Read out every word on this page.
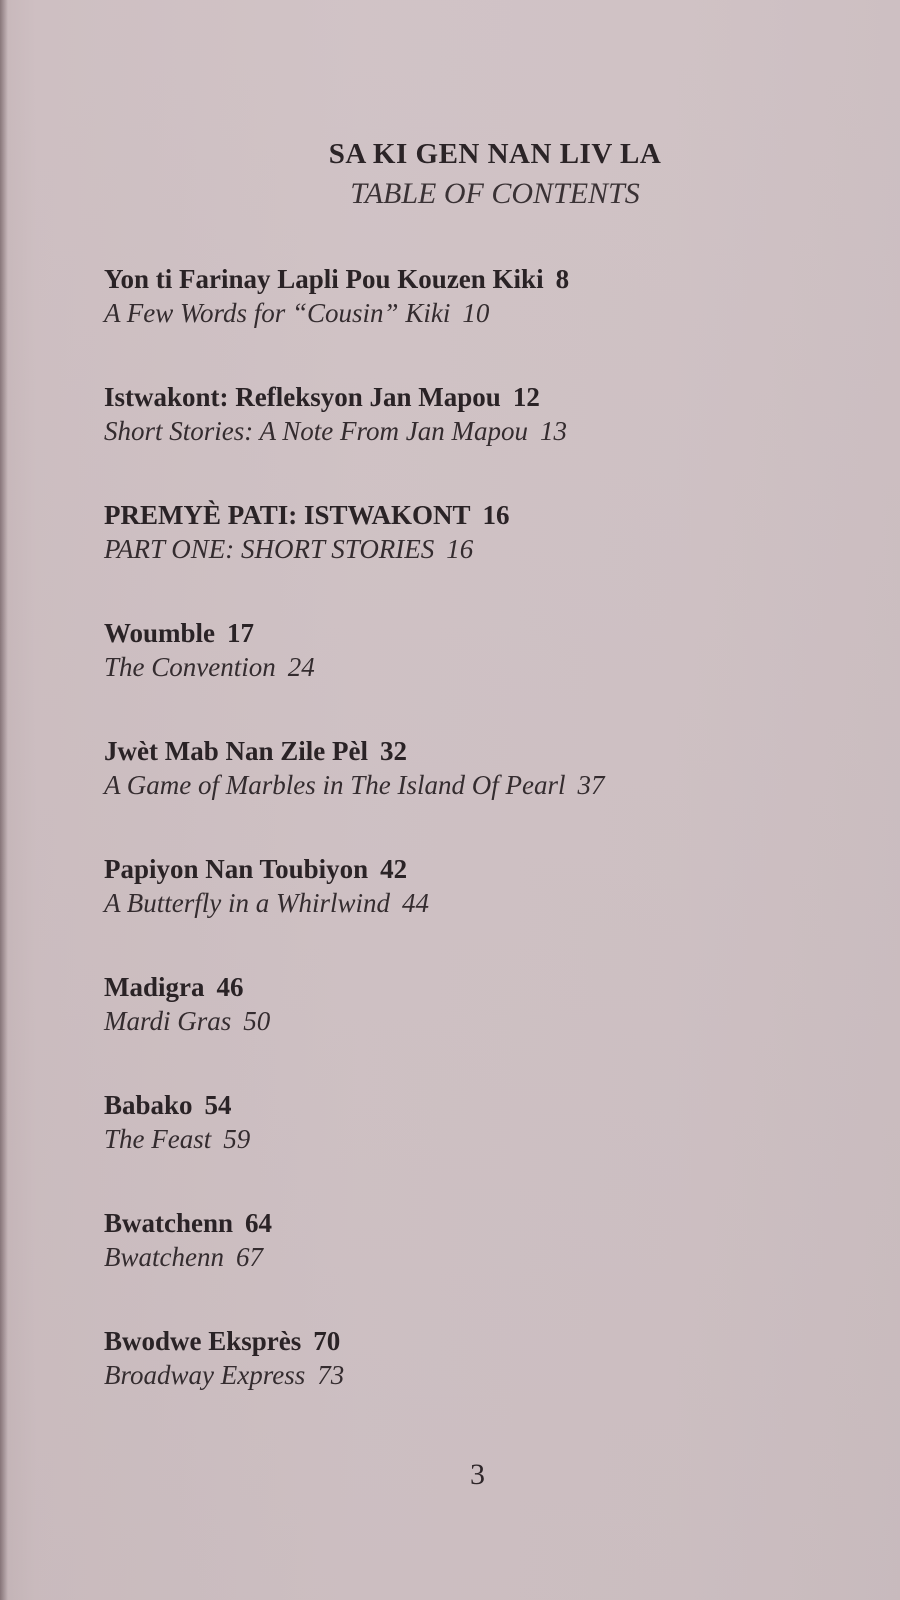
SA KI GEN NAN LIV LA
TABLE OF CONTENTS
Yon ti Farinay Lapli Pou Kouzen Kiki 8
A Few Words for “Cousin” Kiki 10
Istwakont: Refleksyon Jan Mapou 12
Short Stories: A Note From Jan Mapou 13
PREMYÈ PATI: ISTWAKONT 16
PART ONE: SHORT STORIES 16
Woumble 17
The Convention 24
Jwèt Mab Nan Zile Pèl 32
A Game of Marbles in The Island Of Pearl 37
Papiyon Nan Toubiyon 42
A Butterfly in a Whirlwind 44
Madigra 46
Mardi Gras 50
Babako 54
The Feast 59
Bwatchenn 64
Bwatchenn 67
Bwodwe Eksprès 70
Broadway Express 73
3
